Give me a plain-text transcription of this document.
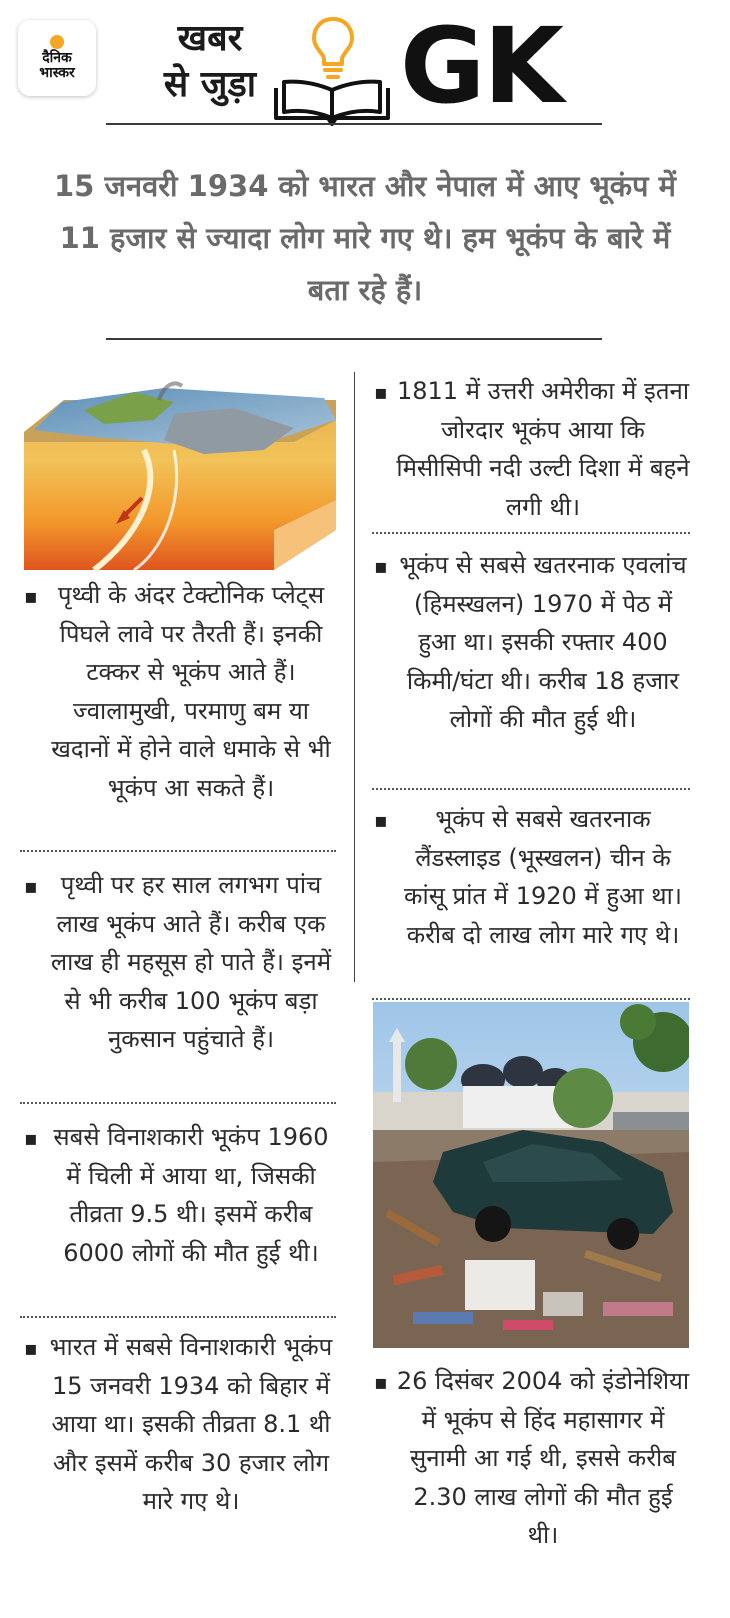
दैनिक
भास्कर
खबर
से जुड़ा GK
15 जनवरी 1934 को भारत और नेपाल में आए भूकंप में 11 हजार से ज्यादा लोग मारे गए थे। हम भूकंप के बारे में बता रहे हैं।
▪ पृथ्वी के अंदर टेक्टोनिक प्लेट्स पिघले लावे पर तैरती हैं। इनकी टक्कर से भूकंप आते हैं। ज्वालामुखी, परमाणु बम या खदानों में होने वाले धमाके से भी भूकंप आ सकते हैं।
▪ पृथ्वी पर हर साल लगभग पांच लाख भूकंप आते हैं। करीब एक लाख ही महसूस हो पाते हैं। इनमें से भी करीब 100 भूकंप बड़ा नुकसान पहुंचाते हैं।
▪ सबसे विनाशकारी भूकंप 1960 में चिली में आया था, जिसकी तीव्रता 9.5 थी। इसमें करीब 6000 लोगों की मौत हुई थी।
▪ भारत में सबसे विनाशकारी भूकंप 15 जनवरी 1934 को बिहार में आया था। इसकी तीव्रता 8.1 थी और इसमें करीब 30 हजार लोग मारे गए थे।
▪ 1811 में उत्तरी अमेरीका में इतना जोरदार भूकंप आया कि मिसीसिपी नदी उल्टी दिशा में बहने लगी थी।
▪ भूकंप से सबसे खतरनाक एवलांच (हिमस्खलन) 1970 में पेठ में हुआ था। इसकी रफ्तार 400 किमी/घंटा थी। करीब 18 हजार लोगों की मौत हुई थी।
▪	भूकंप से सबसे खतरनाक लैंडस्लाइड (भूस्खलन) चीन के कांसू प्रांत में 1920 में हुआ था। करीब दो लाख लोग मारे गए थे।
▪ 26 दिसंबर 2004 को इंडोनेशिया में भूकंप से हिंद महासागर में सुनामी आ गई थी, इससे करीब 2.30 लाख लोगों की मौत हुई थी।
